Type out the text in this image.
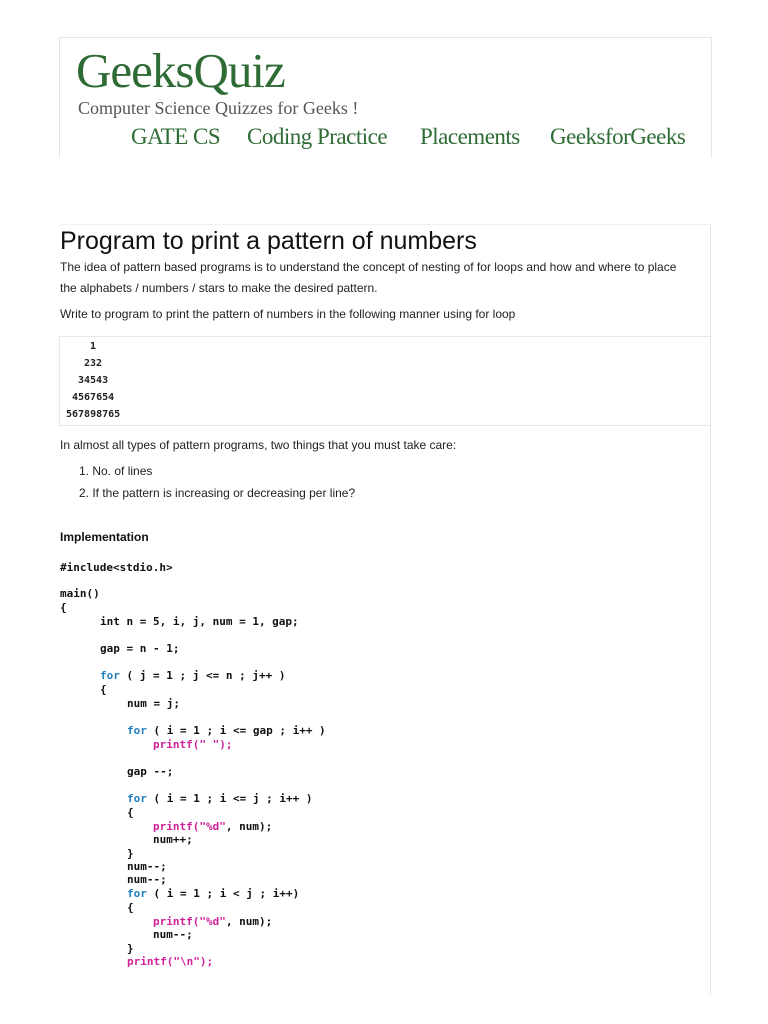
GeeksQuiz
Computer Science Quizzes for Geeks !
GATE CS Coding Practice Placements GeeksforGeeks
Program to print a pattern of numbers

The idea of pattern based programs is to understand the concept of nesting of for loops and how and where to place

the alphabets / numbers / stars to make the desired pattern.

Write to program to print the pattern of numbers in the following manner using for loop

1
232
34543
4567654
567898765

In almost all types of pattern programs, two things that you must take care:

1. No. of lines
2. If the pattern is increasing or decreasing per line?
Implementation
#include<stdio.h>
main()
{
int n = 5, i, j, num = 1, gap;
gap = n - 1;
for ( j = 1 ; j <= n ; j++ )
{
num = j;
for ( i = 1 ; i <= gap ; i++ )
printf(" ");
gap --;
for ( i = 1 ; i <= j ; i++ )
{
printf("%d", num);
num++;
}
num--;
num--;
for ( i = 1 ; i < j ; i++)
{
printf("%d", num);
num--;
}
printf("\n");
